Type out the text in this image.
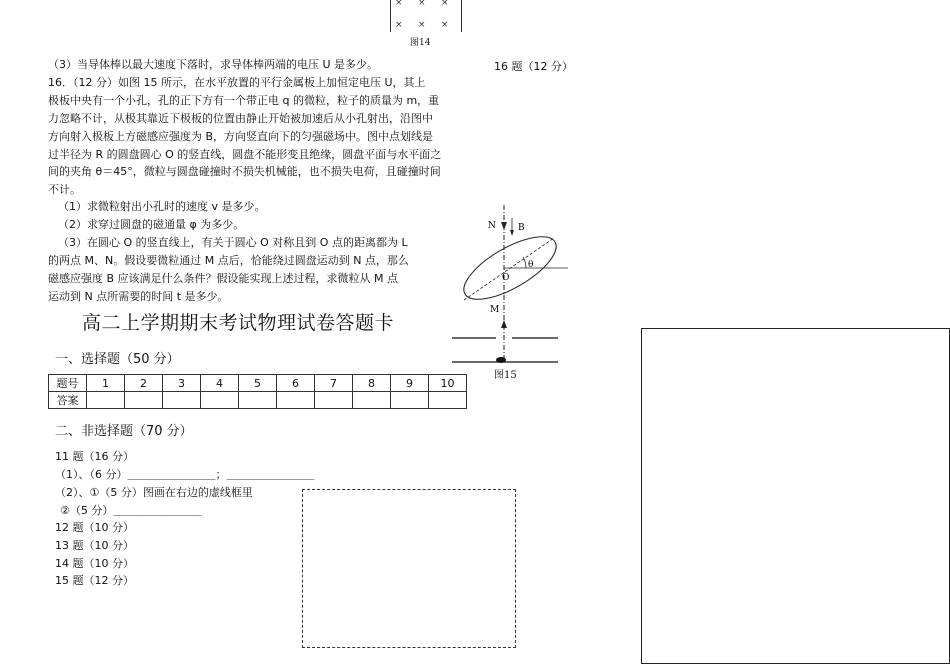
× × ×
× × ×
图14
（3）当导体棒以最大速度下落时，求导体棒两端的电压 U 是多少。	16 题（12 分）
16．（12 分）如图 15 所示，在水平放置的平行金属板上加恒定电压 U，其上
极板中央有一个小孔，孔的正下方有一个带正电 q 的微粒，粒子的质量为 m，重
力忽略不计，从极其靠近下极板的位置由静止开始被加速后从小孔射出，沿图中
方向射入极板上方磁感应强度为 B，方向竖直向下的匀强磁场中。图中点划线是
过半径为 R 的圆盘圆心 O 的竖直线，圆盘不能形变且绝缘，圆盘平面与水平面之
间的夹角 θ＝45°，微粒与圆盘碰撞时不损失机械能，也不损失电荷，且碰撞时间
不计。
（1）求微粒射出小孔时的速度 v 是多少。
（2）求穿过圆盘的磁通量 φ 为多少。
（3）在圆心 O 的竖直线上，有关于圆心 O 对称且到 O 点的距离都为 L
的两点 M、N。假设要微粒通过 M 点后，恰能绕过圆盘运动到 N 点，那么
磁感应强度 B 应该满足什么条件？假设能实现上述过程，求微粒从 M 点
运动到 N 点所需要的时间 t 是多少。
N B
O
θ
M
图15
高二上学期期末考试物理试卷答题卡
一、选择题（50 分）
题号	1	2	3	4	5	6	7	8	9	10
答案										
二、非选择题（70 分）
11 题（16 分）
（1）、（6 分）＿＿＿＿＿＿＿＿；＿＿＿＿＿＿＿＿
（2）、①（5 分）图画在右边的虚线框里
②（5 分）＿＿＿＿＿＿＿＿
12 题（10 分）
13 题（10 分）
14 题（10 分）
15 题（12 分）
